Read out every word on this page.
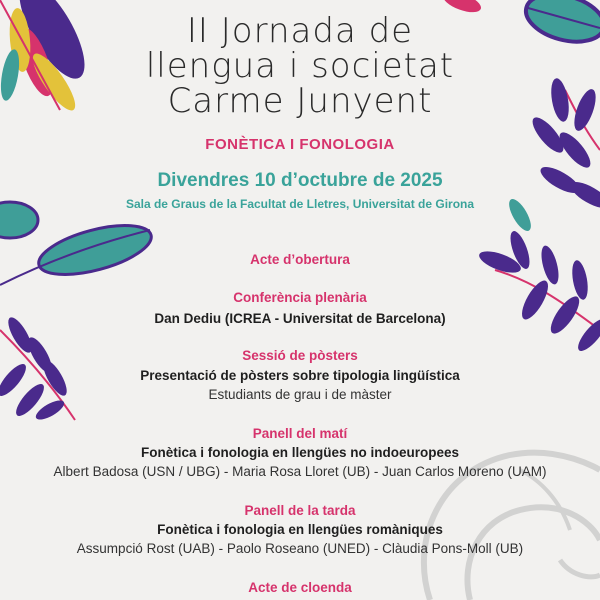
II Jornada de
llengua i societat
Carme Junyent
FONÈTICA I FONOLOGIA
Divendres 10 d’octubre de 2025
Sala de Graus de la Facultat de Lletres, Universitat de Girona
Acte d’obertura
Conferència plenària
Dan Dediu (ICREA - Universitat de Barcelona)
Sessió de pòsters
Presentació de pòsters sobre tipologia lingüística
Estudiants de grau i de màster
Panell del matí
Fonètica i fonologia en llengües no indoeuropees
Albert Badosa (USN / UBG) - Maria Rosa Lloret (UB) - Juan Carlos Moreno (UAM)
Panell de la tarda
Fonètica i fonologia en llengües romàniques
Assumpció Rost (UAB) - Paolo Roseano (UNED) - Clàudia Pons-Moll (UB)
Acte de cloenda
